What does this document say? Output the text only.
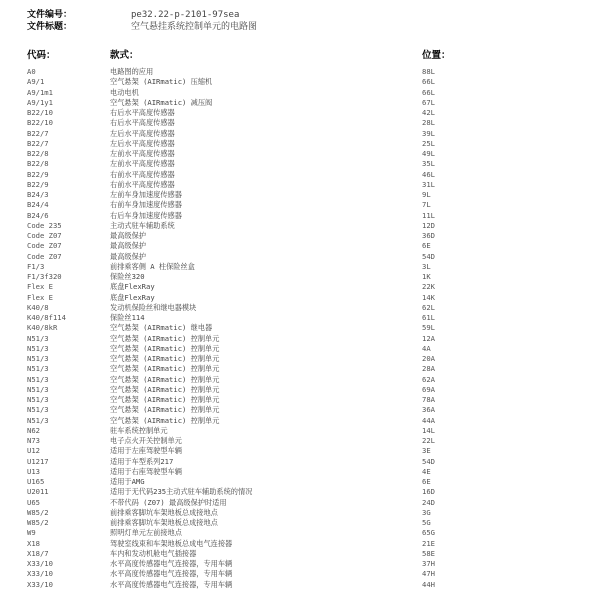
文件编号：	pe32.22-p-2101-97sea
文件标题：	空气悬挂系统控制单元的电路图
代码：	款式：	位置：
A0	电路图的应用	88L
A9/1	空气悬架 (AIRmatic) 压缩机	66L
A9/1m1	电动电机	66L
A9/1y1	空气悬架 (AIRmatic) 减压阀	67L
B22/10	右后水平高度传感器	42L
B22/10	右后水平高度传感器	28L
B22/7	左后水平高度传感器	39L
B22/7	左后水平高度传感器	25L
B22/8	左前水平高度传感器	49L
B22/8	左前水平高度传感器	35L
B22/9	右前水平高度传感器	46L
B22/9	右前水平高度传感器	31L
B24/3	左前车身加速度传感器	9L
B24/4	右前车身加速度传感器	7L
B24/6	右后车身加速度传感器	11L
Code 235	主动式驻车辅助系统	12D
Code Z07	最高级保护	36D
Code Z07	最高级保护	6E
Code Z07	最高级保护	54D
F1/3	前排乘客侧 A 柱保险丝盒	3L
F1/3f320	保险丝320	1K
Flex E	底盘FlexRay	22K
Flex E	底盘FlexRay	14K
K40/8	发动机保险丝和继电器模块	62L
K40/8f114	保险丝114	61L
K40/8kR	空气悬架 (AIRmatic) 继电器	59L
N51/3	空气悬架 (AIRmatic) 控制单元	12A
N51/3	空气悬架 (AIRmatic) 控制单元	4A
N51/3	空气悬架 (AIRmatic) 控制单元	20A
N51/3	空气悬架 (AIRmatic) 控制单元	28A
N51/3	空气悬架 (AIRmatic) 控制单元	62A
N51/3	空气悬架 (AIRmatic) 控制单元	69A
N51/3	空气悬架 (AIRmatic) 控制单元	78A
N51/3	空气悬架 (AIRmatic) 控制单元	36A
N51/3	空气悬架 (AIRmatic) 控制单元	44A
N62	驻车系统控制单元	14L
N73	电子点火开关控制单元	22L
U12	适用于左座驾驶型车辆	3E
U1217	适用于车型系列217	54D
U13	适用于右座驾驶型车辆	4E
U165	适用于AMG	6E
U2011	适用于无代码235主动式驻车辅助系统的情况	16D
U65	不带代码 (Z07) 最高级保护时适用	24D
W85/2	前排乘客脚坑车架地板总成接地点	3G
W85/2	前排乘客脚坑车架地板总成接地点	5G
W9	照明灯单元左前接地点	65G
X18	驾驶室线束和车架地板总成电气连接器	21E
X18/7	车内和发动机舱电气插接器	58E
X33/10	水平高度传感器电气连接器，专用车辆	37H
X33/10	水平高度传感器电气连接器，专用车辆	47H
X33/10	水平高度传感器电气连接器，专用车辆	44H
